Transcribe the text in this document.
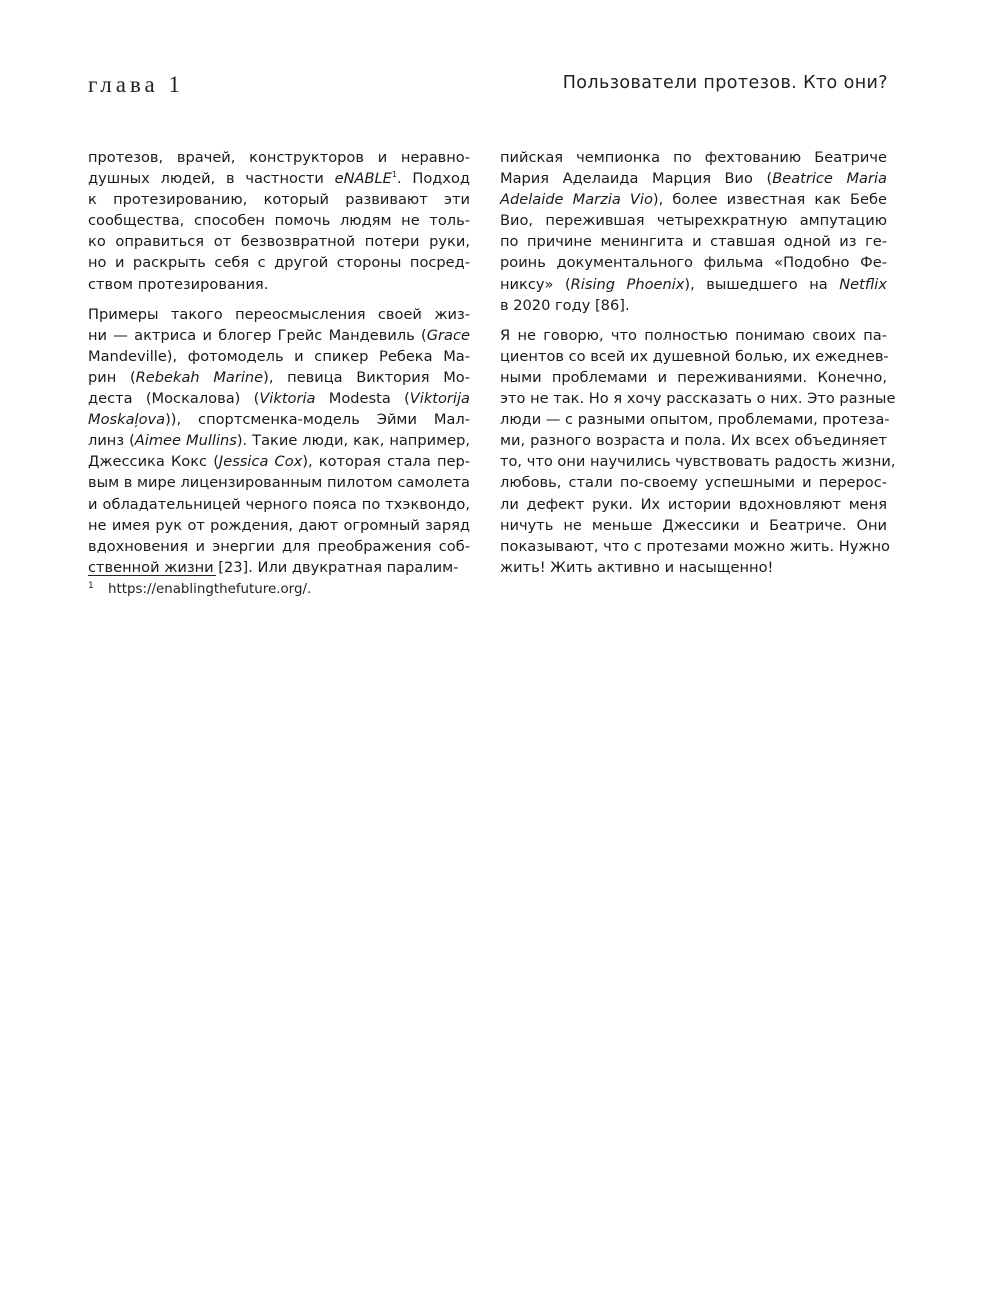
глава 1	Пользователи протезов. Кто они?

протезов, врачей, конструкторов и неравно-
душных людей, в частности eNABLE$^1$. Подход
к протезированию, который развивают эти
сообщества, способен помочь людям не толь-
ко оправиться от безвозвратной потери руки,
но и раскрыть себя с другой стороны посред-
ством протезирования.

Примеры такого переосмысления своей жиз-
ни — актриса и блогер Грейс Мандевиль (Grace
Mandeville), фотомодель и спикер Ребека Ма-
рин (Rebekah Marine), певица Виктория Мо-
деста (Москалова) (Viktoria Modesta (Viktorija
Moskaļova)), спортсменка-модель Эйми Мал-
линз (Aimee Mullins). Такие люди, как, например,
Джессика Кокс (Jessica Cox), которая стала пер-
вым в мире лицензированным пилотом самолета
и обладательницей черного пояса по тхэквондо,
не имея рук от рождения, дают огромный заряд
вдохновения и энергии для преображения соб-
ственной жизни [23]. Или двукратная паралим-

пийская чемпионка по фехтованию Беатриче
Мария Аделаида Марция Вио (Beatrice Maria
Adelaide Marzia Vio), более известная как Бебе
Вио, пережившая четырехкратную ампутацию
по причине менингита и ставшая одной из ге-
роинь документального фильма «Подобно Фе-
никсу» (Rising Phoenix), вышедшего на Netflix
в 2020 году [86].

Я не говорю, что полностью понимаю своих па-
циентов со всей их душевной болью, их ежеднев-
ными проблемами и переживаниями. Конечно,
это не так. Но я хочу рассказать о них. Это разные
люди — с разными опытом, проблемами, протеза-
ми, разного возраста и пола. Их всех объединяет
то, что они научились чувствовать радость жизни,
любовь, стали по-своему успешными и перерос-
ли дефект руки. Их истории вдохновляют меня
ничуть не меньше Джессики и Беатриче. Они
показывают, что с протезами можно жить. Нужно
жить! Жить активно и насыщенно!

1 https://enablingthefuture.org/.
